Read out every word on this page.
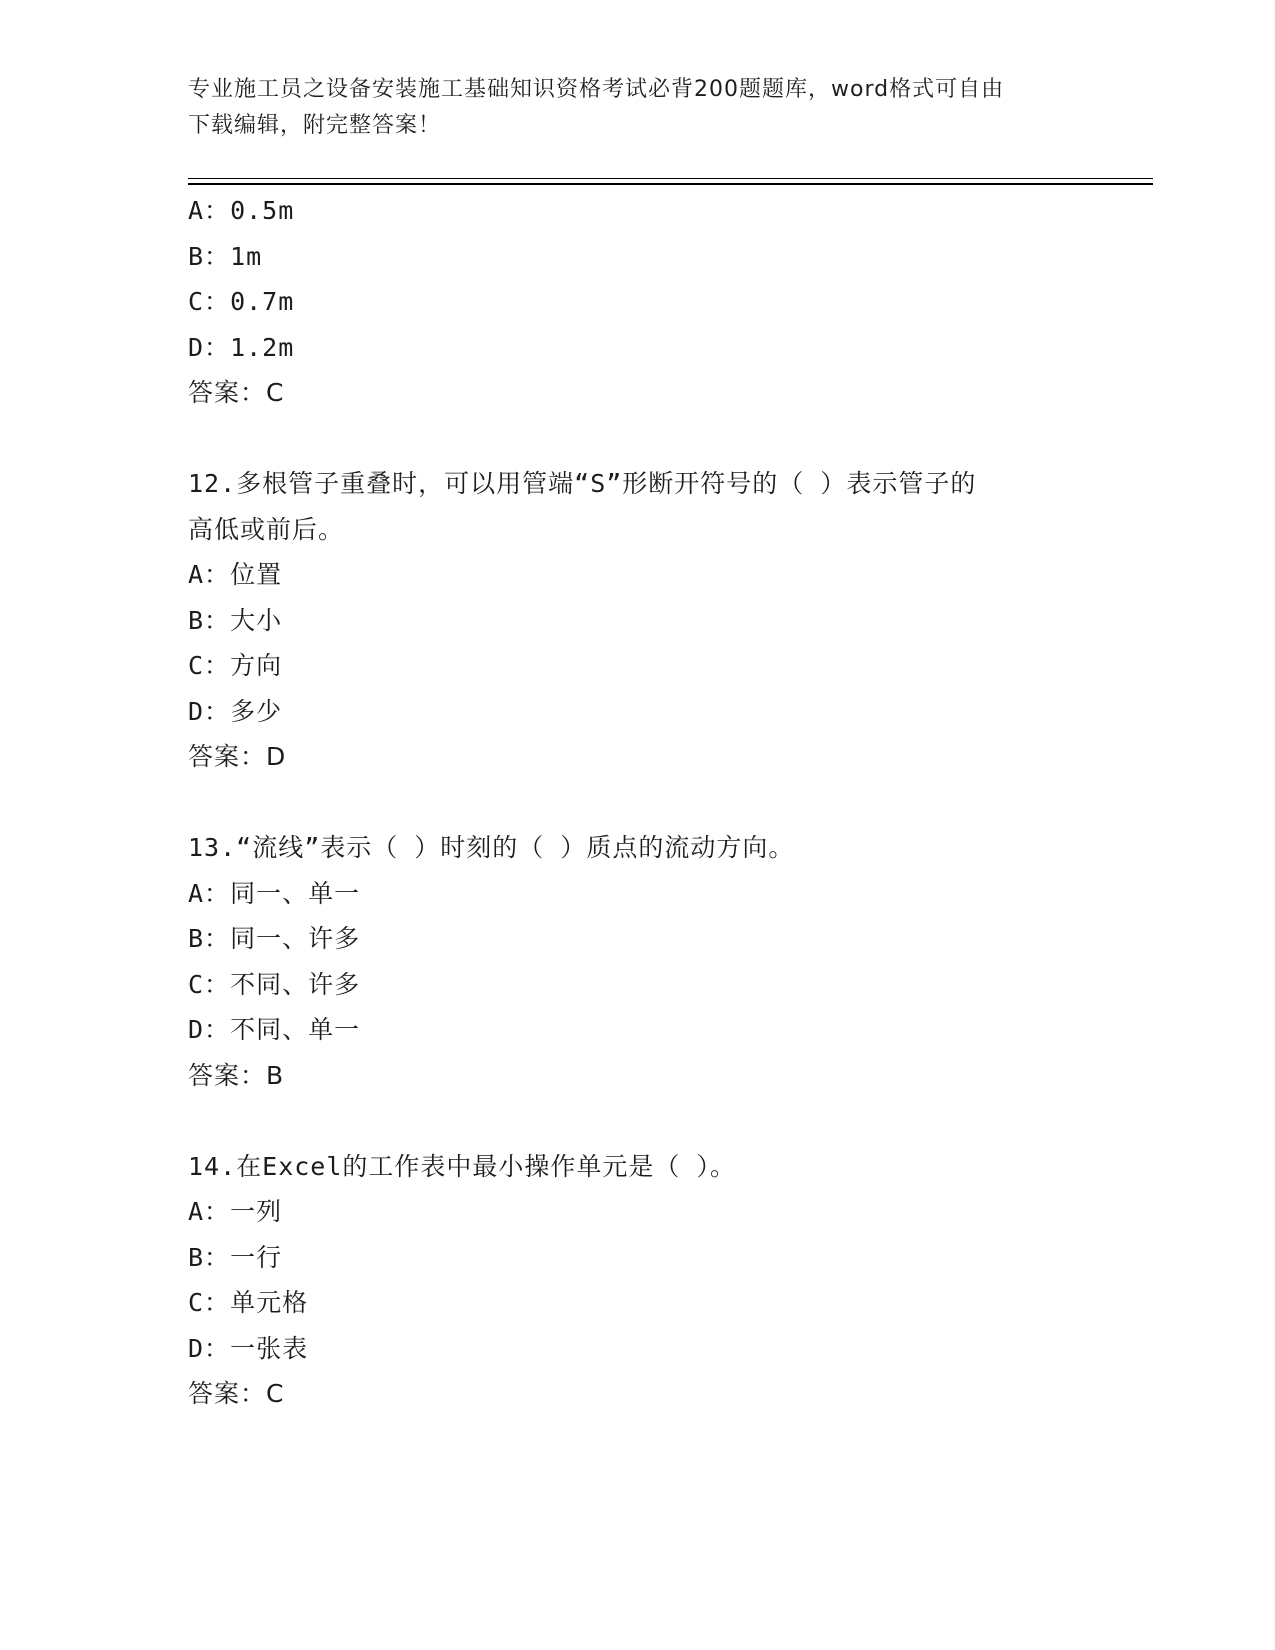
专业施工员之设备安装施工基础知识资格考试必背200题题库，word格式可自由
下载编辑，附完整答案！
A：0.5m
B：1m
C：0.7m
D：1.2m
答案：C
12.多根管子重叠时，可以用管端“S”形断开符号的（ ）表示管子的
高低或前后。
A：位置
B：大小
C：方向
D：多少
答案：D
13.“流线”表示（ ）时刻的（ ）质点的流动方向。
A：同一、单一
B：同一、许多
C：不同、许多
D：不同、单一
答案：B
14.在Excel的工作表中最小操作单元是（ ）。
A：一列
B：一行
C：单元格
D：一张表
答案：C
